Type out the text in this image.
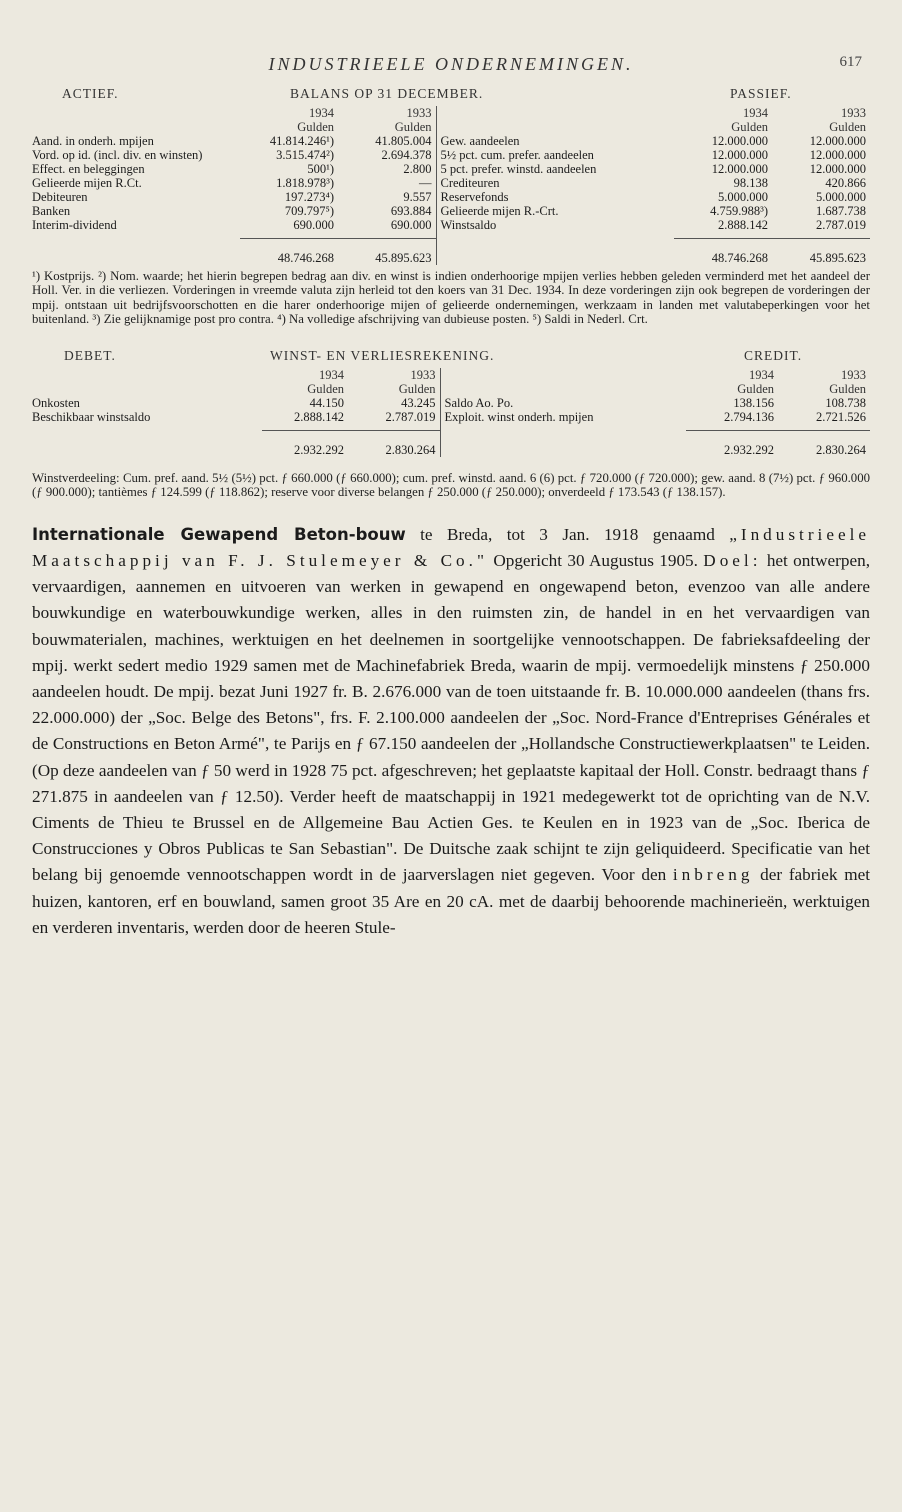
INDUSTRIEELE ONDERNEMINGEN.	617
ACTIEF.	BALANS OP 31 DECEMBER.	PASSIEF.
	1934	1933		1934	1933
	Gulden	Gulden		Gulden	Gulden
Aand. in onderh. mpijen	41.814.246¹)	41.805.004	Gew. aandeelen	12.000.000	12.000.000
Vord. op id. (incl. div. en winsten)	3.515.474²)	2.694.378	5½ pct. cum. prefer. aandeelen	12.000.000	12.000.000
Effect. en beleggingen	500¹)	2.800	5 pct. prefer. winstd. aandeelen	12.000.000	12.000.000
Gelieerde mijen R.Ct.	1.818.978³)	—	Crediteuren	98.138	420.866
Debiteuren	197.273⁴)	9.557	Reservefonds	5.000.000	5.000.000
Banken	709.797⁵)	693.884	Gelieerde mijen R.-Crt.	4.759.988³)	1.687.738
Interim-dividend	690.000	690.000	Winstsaldo	2.888.142	2.787.019

	48.746.268	45.895.623		48.746.268	45.895.623
¹) Kostprijs. ²) Nom. waarde; het hierin begrepen bedrag aan div. en winst is indien onderhoorige mpijen verlies hebben geleden verminderd met het aandeel der Holl. Ver. in die verliezen. Vorderingen in vreemde valuta zijn herleid tot den koers van 31 Dec. 1934. In deze vorderingen zijn ook begrepen de vorderingen der mpij. ontstaan uit bedrijfsvoorschotten en die harer onderhoorige mijen of gelieerde ondernemingen, werkzaam in landen met valutabeperkingen voor het buitenland. ³) Zie gelijknamige post pro contra. ⁴) Na volledige afschrijving van dubieuse posten. ⁵) Saldi in Nederl. Crt.
DEBET.	WINST- EN VERLIESREKENING.	CREDIT.
	1934	1933		1934	1933
	Gulden	Gulden		Gulden	Gulden
Onkosten	44.150	43.245	Saldo Ao. Po.	138.156	108.738
Beschikbaar winstsaldo	2.888.142	2.787.019	Exploit. winst onderh. mpijen	2.794.136	2.721.526

	2.932.292	2.830.264		2.932.292	2.830.264
Winstverdeeling: Cum. pref. aand. 5½ (5½) pct. ƒ 660.000 (ƒ 660.000); cum. pref. winstd. aand. 6 (6) pct. ƒ 720.000 (ƒ 720.000); gew. aand. 8 (7½) pct. ƒ 960.000 (ƒ 900.000); tantièmes ƒ 124.599 (ƒ 118.862); reserve voor diverse belangen ƒ 250.000 (ƒ 250.000); onverdeeld ƒ 173.543 (ƒ 138.157).

Internationale Gewapend Beton-bouw te Breda, tot 3 Jan. 1918 genaamd „Industrieele Maatschappij van F. J. Stulemeyer & Co." Opgericht 30 Augustus 1905. Doel: het ontwerpen, vervaardigen, aannemen en uitvoeren van werken in gewapend en ongewapend beton, evenzoo van alle andere bouwkundige en waterbouwkundige werken, alles in den ruimsten zin, de handel in en het vervaardigen van bouwmaterialen, machines, werktuigen en het deelnemen in soortgelijke vennootschappen. De fabrieksafdeeling der mpij. werkt sedert medio 1929 samen met de Machinefabriek Breda, waarin de mpij. vermoedelijk minstens ƒ 250.000 aandeelen houdt. De mpij. bezat Juni 1927 fr. B. 2.676.000 van de toen uitstaande fr. B. 10.000.000 aandeelen (thans frs. 22.000.000) der „Soc. Belge des Betons", frs. F. 2.100.000 aandeelen der „Soc. Nord-France d'Entreprises Générales et de Constructions en Beton Armé", te Parijs en ƒ 67.150 aandeelen der „Hollandsche Constructiewerkplaatsen" te Leiden. (Op deze aandeelen van ƒ 50 werd in 1928 75 pct. afgeschreven; het geplaatste kapitaal der Holl. Constr. bedraagt thans ƒ 271.875 in aandeelen van ƒ 12.50). Verder heeft de maatschappij in 1921 medegewerkt tot de oprichting van de N.V. Ciments de Thieu te Brussel en de Allgemeine Bau Actien Ges. te Keulen en in 1923 van de „Soc. Iberica de Construcciones y Obros Publicas te San Sebastian". De Duitsche zaak schijnt te zijn geliquideerd. Specificatie van het belang bij genoemde vennootschappen wordt in de jaarverslagen niet gegeven. Voor den inbreng der fabriek met huizen, kantoren, erf en bouwland, samen groot 35 Are en 20 cA. met de daarbij behoorende machinerieën, werktuigen en verderen inventaris, werden door de heeren Stule-
